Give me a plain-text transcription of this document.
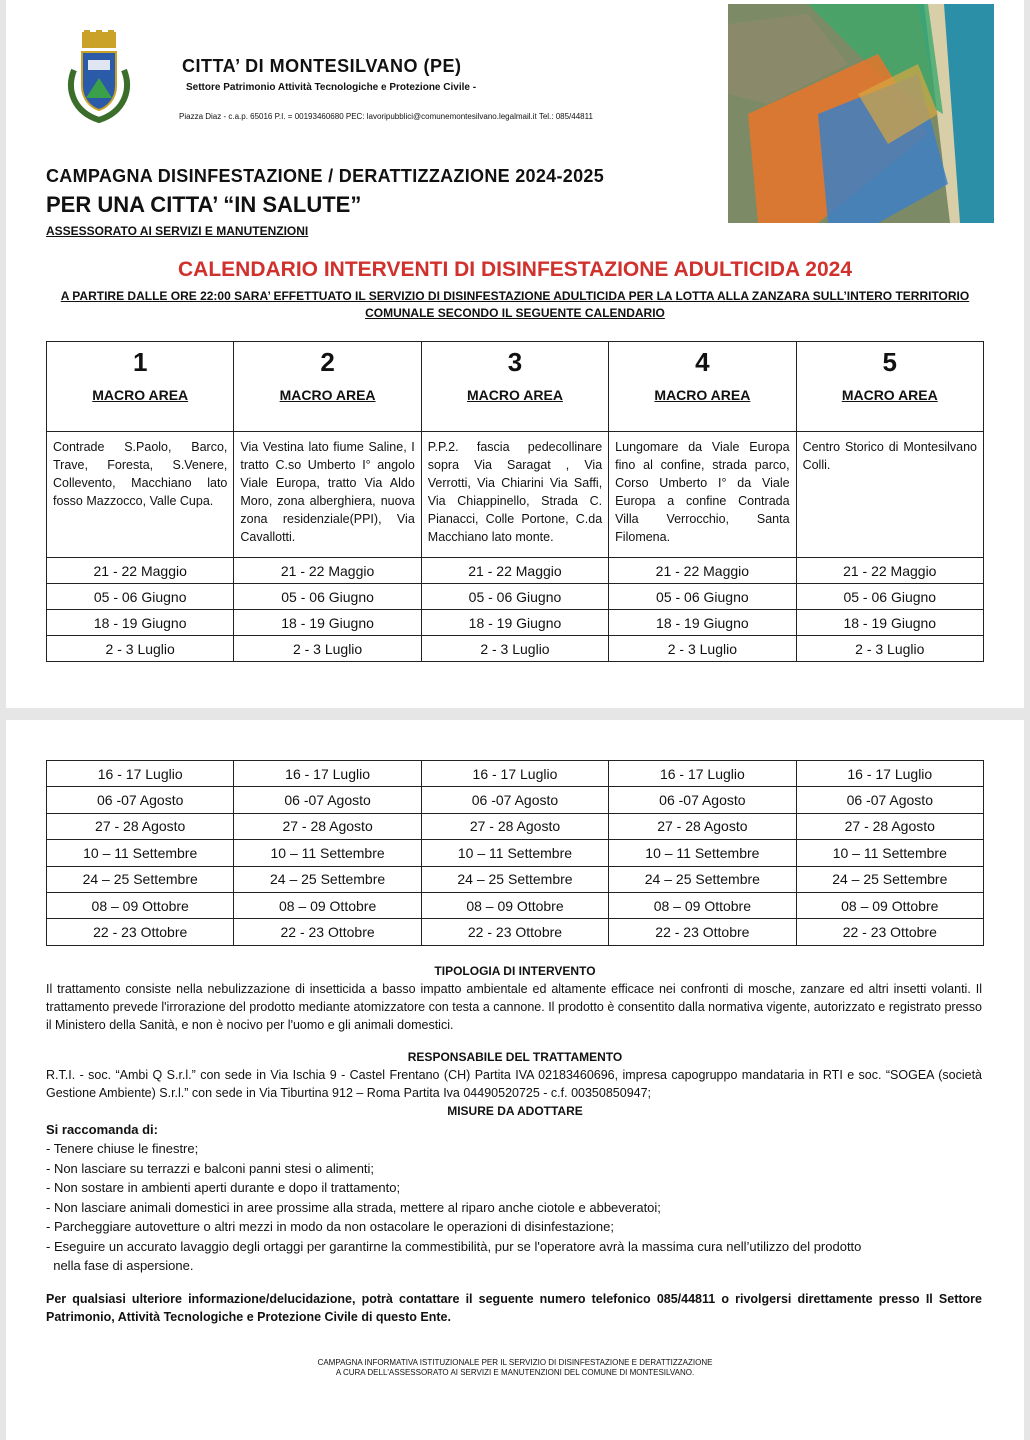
CITTA’ DI MONTESILVANO (PE)
Settore Patrimonio Attività Tecnologiche e Protezione Civile -
Piazza Diaz - c.a.p. 65016 P.I. = 00193460680 PEC: lavoripubblici@comunemontesilvano.legalmail.it Tel.: 085/44811
CAMPAGNA DISINFESTAZIONE / DERATTIZZAZIONE 2024-2025
PER UNA CITTA’ “IN SALUTE”
ASSESSORATO AI SERVIZI E MANUTENZIONI
CALENDARIO INTERVENTI DI DISINFESTAZIONE ADULTICIDA 2024
A PARTIRE DALLE ORE 22:00 SARA’ EFFETTUATO IL SERVIZIO DI DISINFESTAZIONE ADULTICIDA PER LA LOTTA ALLA ZANZARA SULL’INTERO TERRITORIO COMUNALE SECONDO IL SEGUENTE CALENDARIO
1	2	3	4	5
MACRO AREA	MACRO AREA	MACRO AREA	MACRO AREA	MACRO AREA
Contrade S.Paolo, Barco, Trave, Foresta, S.Venere, Collevento, Macchiano lato fosso Mazzocco, Valle Cupa.	Via Vestina lato fiume Saline, I tratto C.so Umberto I° angolo Viale Europa, tratto Via Aldo Moro, zona alberghiera, nuova zona residenziale(PPI), Via Cavallotti.	P.P.2. fascia pedecollinare sopra Via Saragat , Via Verrotti, Via Chiarini Via Saffi, Via Chiappinello, Strada C. Pianacci, Colle Portone, C.da Macchiano lato monte.	Lungomare da Viale Europa fino al confine, strada parco, Corso Umberto I° da Viale Europa a confine Contrada Villa Verrocchio, Santa Filomena.	Centro Storico di Montesilvano Colli.
21 - 22 Maggio	21 - 22 Maggio	21 - 22 Maggio	21 - 22 Maggio	21 - 22 Maggio
05 - 06 Giugno	05 - 06 Giugno	05 - 06 Giugno	05 - 06 Giugno	05 - 06 Giugno
18 - 19 Giugno	18 - 19 Giugno	18 - 19 Giugno	18 - 19 Giugno	18 - 19 Giugno
2 - 3 Luglio	2 - 3 Luglio	2 - 3 Luglio	2 - 3 Luglio	2 - 3 Luglio
16 - 17 Luglio	16 - 17 Luglio	16 - 17 Luglio	16 - 17 Luglio	16 - 17 Luglio
06 -07 Agosto	06 -07 Agosto	06 -07 Agosto	06 -07 Agosto	06 -07 Agosto
27 - 28 Agosto	27 - 28 Agosto	27 - 28 Agosto	27 - 28 Agosto	27 - 28 Agosto
10 – 11 Settembre	10 – 11 Settembre	10 – 11 Settembre	10 – 11 Settembre	10 – 11 Settembre
24 – 25 Settembre	24 – 25 Settembre	24 – 25 Settembre	24 – 25 Settembre	24 – 25 Settembre
08 – 09 Ottobre	08 – 09 Ottobre	08 – 09 Ottobre	08 – 09 Ottobre	08 – 09 Ottobre
22 - 23 Ottobre	22 - 23 Ottobre	22 - 23 Ottobre	22 - 23 Ottobre	22 - 23 Ottobre
TIPOLOGIA DI INTERVENTO
Il trattamento consiste nella nebulizzazione di insetticida a basso impatto ambientale ed altamente efficace nei confronti di mosche, zanzare ed altri insetti volanti. Il trattamento prevede l'irrorazione del prodotto mediante atomizzatore con testa a cannone. Il prodotto è consentito dalla normativa vigente, autorizzato e registrato presso il Ministero della Sanità, e non è nocivo per l'uomo e gli animali domestici.
RESPONSABILE DEL TRATTAMENTO
R.T.I. - soc. “Ambi Q S.r.l.” con sede in Via Ischia 9 - Castel Frentano (CH) Partita IVA 02183460696, impresa capogruppo mandataria in RTI e soc. “SOGEA (società Gestione Ambiente) S.r.l.” con sede in Via Tiburtina 912 – Roma Partita Iva 04490520725 - c.f. 00350850947;
MISURE DA ADOTTARE
Si raccomanda di:
- Tenere chiuse le finestre;
- Non lasciare su terrazzi e balconi panni stesi o alimenti;
- Non sostare in ambienti aperti durante e dopo il trattamento;
- Non lasciare animali domestici in aree prossime alla strada, mettere al riparo anche ciotole e abbeveratoi;
- Parcheggiare autovetture o altri mezzi in modo da non ostacolare le operazioni di disinfestazione;
- Eseguire un accurato lavaggio degli ortaggi per garantirne la commestibilità, pur se l'operatore avrà la massima cura nell’utilizzo del prodotto
nella fase di aspersione.
Per qualsiasi ulteriore informazione/delucidazione, potrà contattare il seguente numero telefonico 085/44811 o rivolgersi direttamente presso Il Settore Patrimonio, Attività Tecnologiche e Protezione Civile di questo Ente.
CAMPAGNA INFORMATIVA ISTITUZIONALE PER IL SERVIZIO DI DISINFESTAZIONE E DERATTIZZAZIONE
A CURA DELL'ASSESSORATO AI SERVIZI E MANUTENZIONI DEL COMUNE DI MONTESILVANO.
